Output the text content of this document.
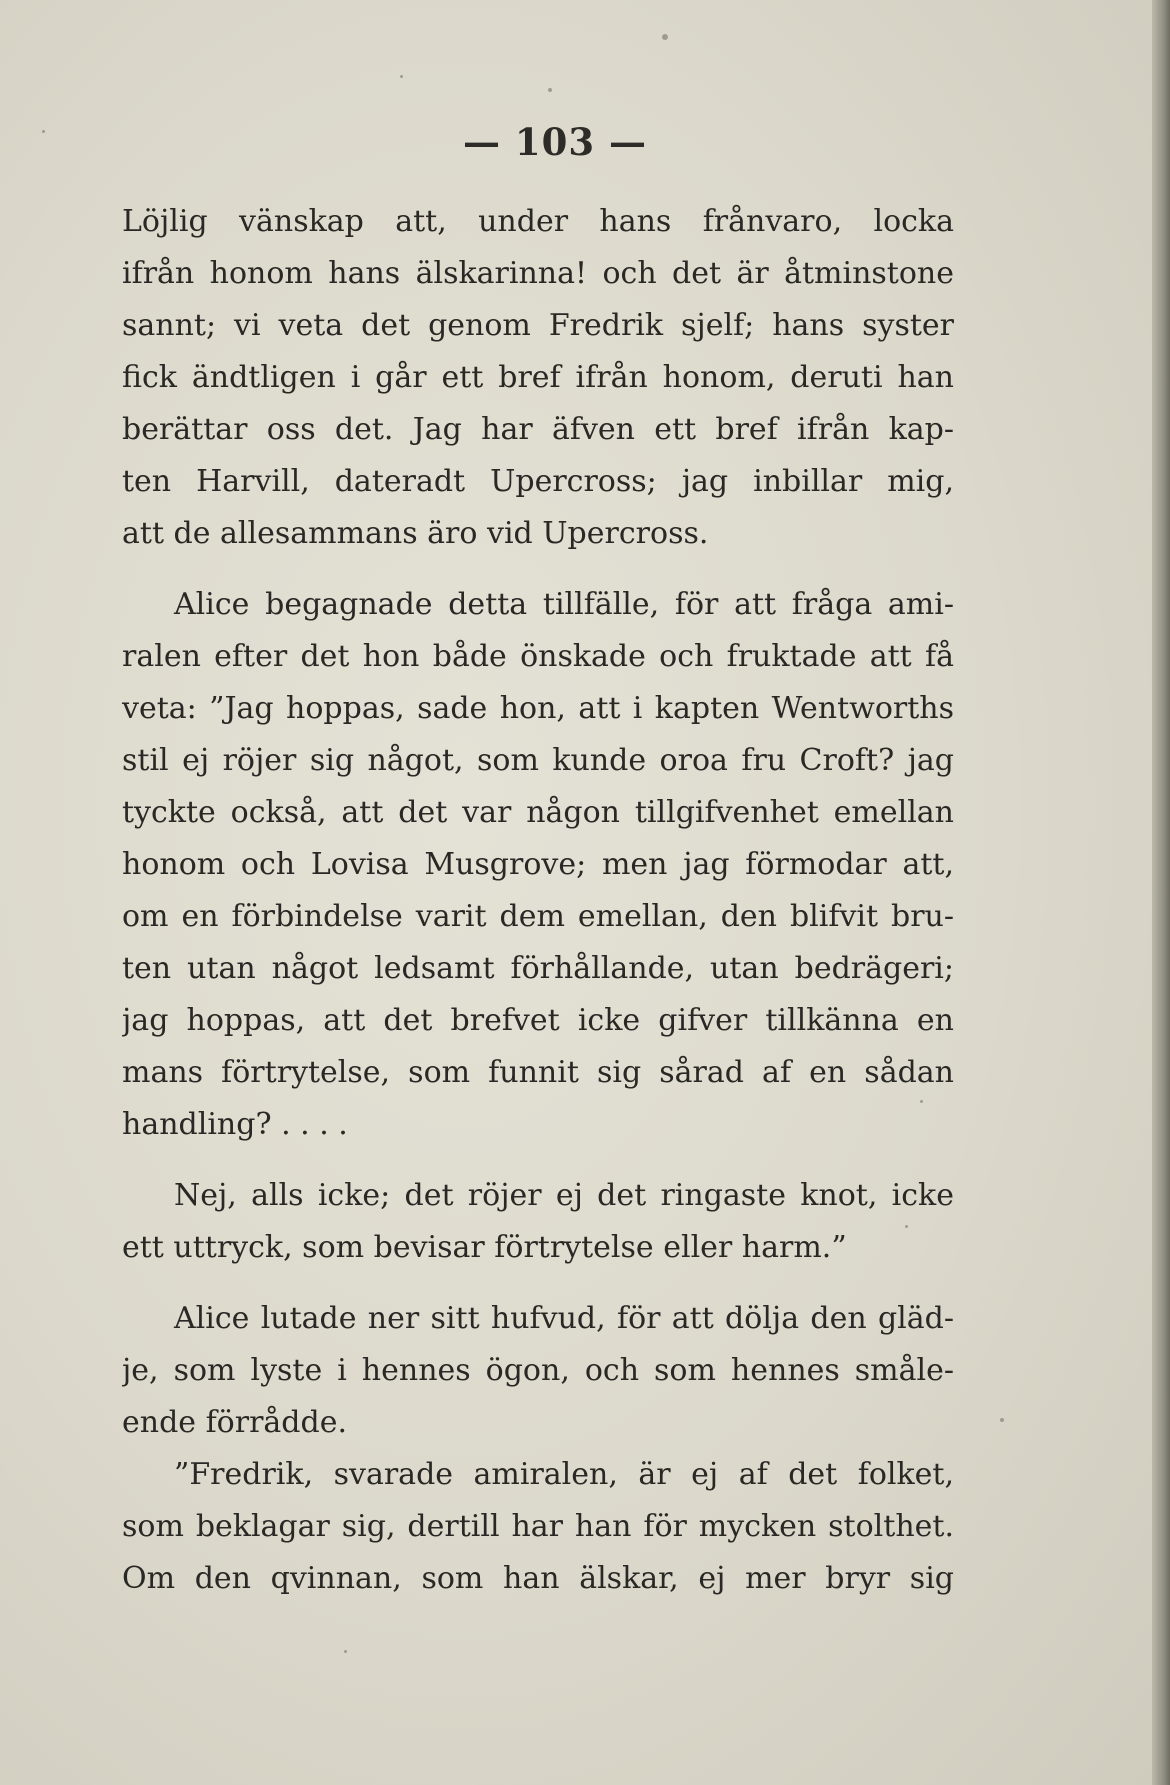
— 103 —
Löjlig vänskap att, under hans frånvaro, locka
ifrån honom hans älskarinna! och det är åtminstone
sannt; vi veta det genom Fredrik sjelf; hans syster
fick ändtligen i går ett bref ifrån honom, deruti han
berättar oss det. Jag har äfven ett bref ifrån kap-
ten Harvill, dateradt Upercross; jag inbillar mig,
att de allesammans äro vid Upercross.
Alice begagnade detta tillfälle, för att fråga ami-
ralen efter det hon både önskade och fruktade att få
veta: ”Jag hoppas, sade hon, att i kapten Wentworths
stil ej röjer sig något, som kunde oroa fru Croft? jag
tyckte också, att det var någon tillgifvenhet emellan
honom och Lovisa Musgrove; men jag förmodar att,
om en förbindelse varit dem emellan, den blifvit bru-
ten utan något ledsamt förhållande, utan bedrägeri;
jag hoppas, att det brefvet icke gifver tillkänna en
mans förtrytelse, som funnit sig sårad af en sådan
handling? . . . .
Nej, alls icke; det röjer ej det ringaste knot, icke
ett uttryck, som bevisar förtrytelse eller harm.”
Alice lutade ner sitt hufvud, för att dölja den gläd-
je, som lyste i hennes ögon, och som hennes småle-
ende förrådde.
”Fredrik, svarade amiralen, är ej af det folket,
som beklagar sig, dertill har han för mycken stolthet.
Om den qvinnan, som han älskar, ej mer bryr sig
